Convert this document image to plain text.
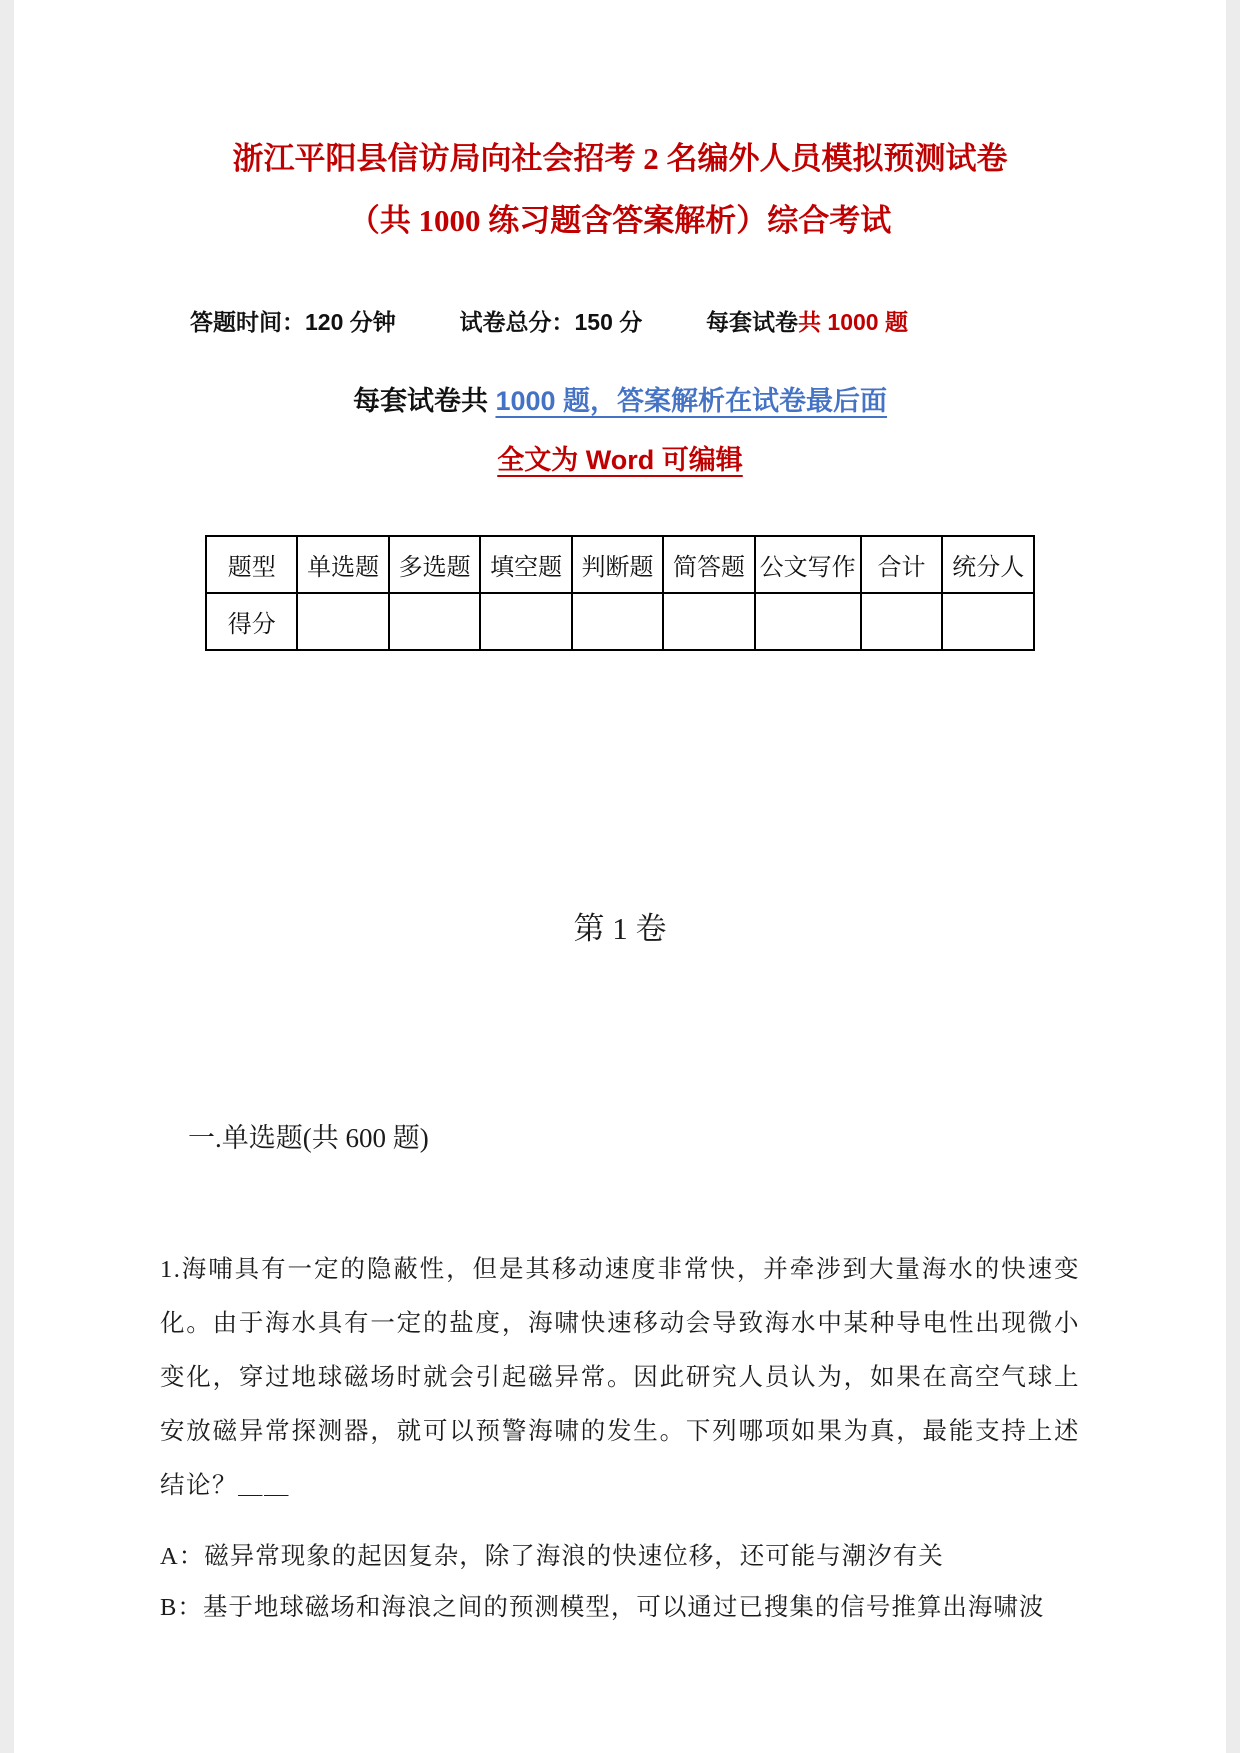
浙江平阳县信访局向社会招考 2 名编外人员模拟预测试卷
（共 1000 练习题含答案解析）综合考试
答题时间：120 分钟	试卷总分：150 分	每套试卷共 1000 题

每套试卷共 1000 题，答案解析在试卷最后面

全文为 Word 可编辑

题型	单选题	多选题	填空题	判断题	简答题	公文写作	合计	统分人
得分								
第 1 卷
一.单选题(共 600 题)

1.海哺具有一定的隐蔽性，但是其移动速度非常快，并牵涉到大量海水的快速变化。由于海水具有一定的盐度，海啸快速移动会导致海水中某种导电性出现微小变化，穿过地球磁场时就会引起磁异常。因此研究人员认为，如果在高空气球上安放磁异常探测器，就可以预警海啸的发生。下列哪项如果为真，最能支持上述结论？＿＿

A：磁异常现象的起因复杂，除了海浪的快速位移，还可能与潮汐有关

B：基于地球磁场和海浪之间的预测模型，可以通过已搜集的信号推算出海啸波
